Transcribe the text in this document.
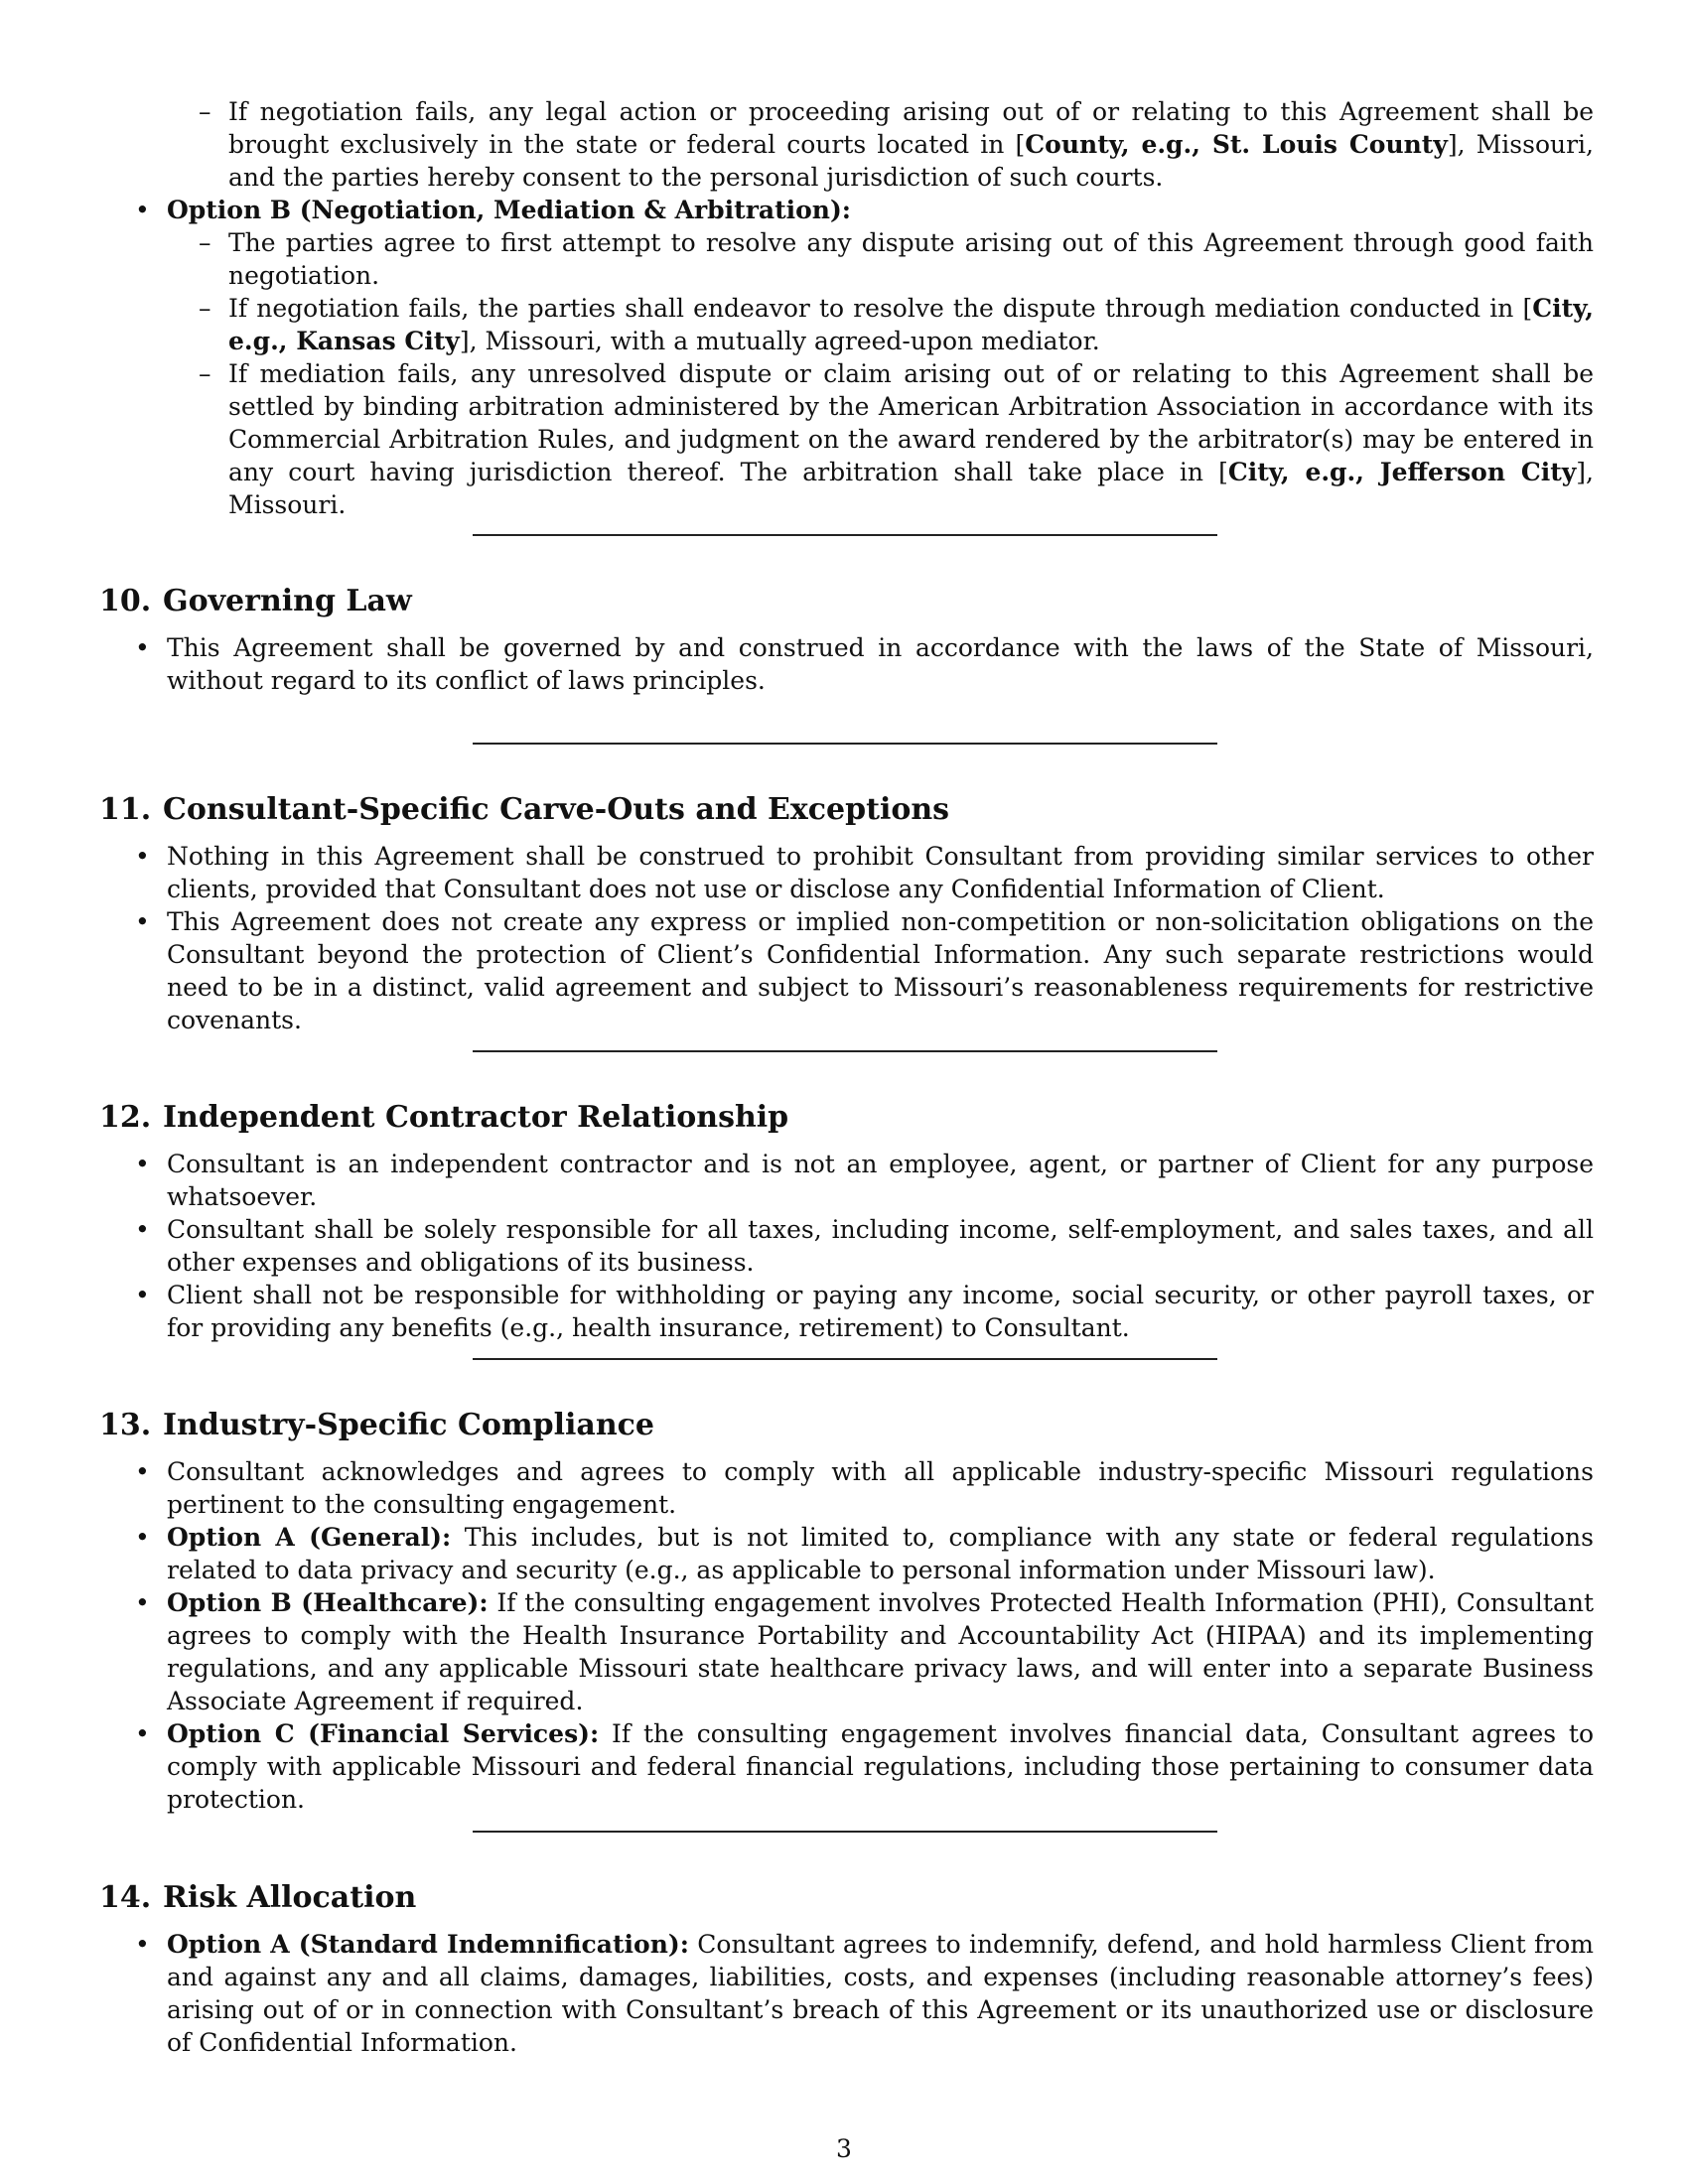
– If negotiation fails, any legal action or proceeding arising out of or relating to this Agreement shall be brought exclusively in the state or federal courts located in [County, e.g., St. Louis County], Missouri, and the parties hereby consent to the personal jurisdiction of such courts.
• Option B (Negotiation, Mediation & Arbitration):
– The parties agree to first attempt to resolve any dispute arising out of this Agreement through good faith negotiation.
– If negotiation fails, the parties shall endeavor to resolve the dispute through mediation conducted in [City, e.g., Kansas City], Missouri, with a mutually agreed-upon mediator.
– If mediation fails, any unresolved dispute or claim arising out of or relating to this Agreement shall be settled by binding arbitration administered by the American Arbitration Association in accordance with its Commercial Arbitration Rules, and judgment on the award rendered by the arbitrator(s) may be entered in any court having jurisdiction thereof. The arbitration shall take place in [City, e.g., Jefferson City], Missouri.
10. Governing Law
• This Agreement shall be governed by and construed in accordance with the laws of the State of Missouri, without regard to its conflict of laws principles.
11. Consultant-Specific Carve-Outs and Exceptions
• Nothing in this Agreement shall be construed to prohibit Consultant from providing similar services to other clients, provided that Consultant does not use or disclose any Confidential Information of Client.
• This Agreement does not create any express or implied non-competition or non-solicitation obligations on the Consultant beyond the protection of Client’s Confidential Information. Any such separate restrictions would need to be in a distinct, valid agreement and subject to Missouri’s reasonableness requirements for restrictive covenants.
12. Independent Contractor Relationship
• Consultant is an independent contractor and is not an employee, agent, or partner of Client for any purpose whatsoever.
• Consultant shall be solely responsible for all taxes, including income, self-employment, and sales taxes, and all other expenses and obligations of its business.
• Client shall not be responsible for withholding or paying any income, social security, or other payroll taxes, or for providing any benefits (e.g., health insurance, retirement) to Consultant.
13. Industry-Specific Compliance
• Consultant acknowledges and agrees to comply with all applicable industry-specific Missouri regulations pertinent to the consulting engagement.
• Option A (General): This includes, but is not limited to, compliance with any state or federal regulations related to data privacy and security (e.g., as applicable to personal information under Missouri law).
• Option B (Healthcare): If the consulting engagement involves Protected Health Information (PHI), Consultant agrees to comply with the Health Insurance Portability and Accountability Act (HIPAA) and its implementing regulations, and any applicable Missouri state healthcare privacy laws, and will enter into a separate Business Associate Agreement if required.
• Option C (Financial Services): If the consulting engagement involves financial data, Consultant agrees to comply with applicable Missouri and federal financial regulations, including those pertaining to consumer data protection.
14. Risk Allocation
• Option A (Standard Indemnification): Consultant agrees to indemnify, defend, and hold harmless Client from and against any and all claims, damages, liabilities, costs, and expenses (including reasonable attorney’s fees) arising out of or in connection with Consultant’s breach of this Agreement or its unauthorized use or disclosure of Confidential Information.
3
